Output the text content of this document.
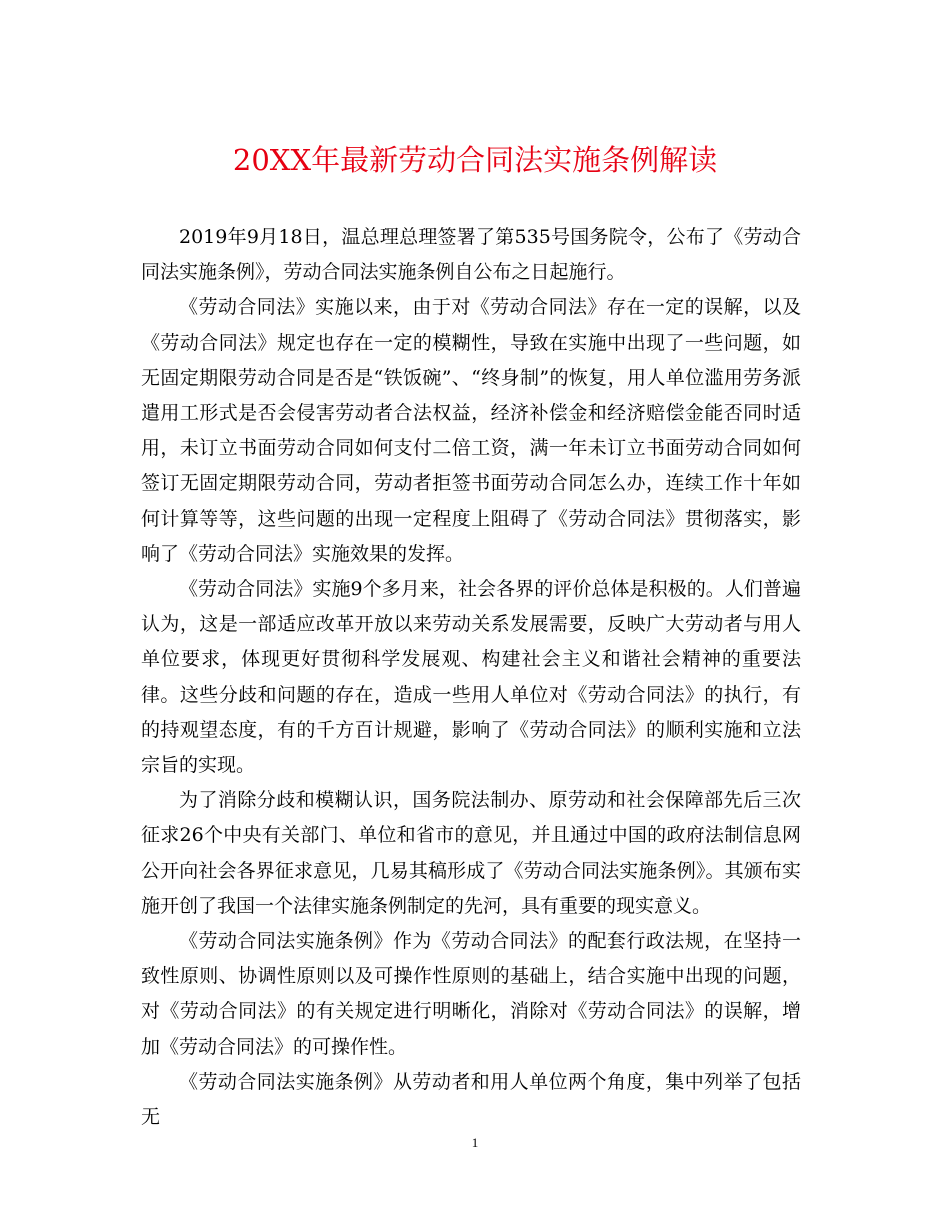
20XX年最新劳动合同法实施条例解读

2019年9月18日，温总理总理签署了第535号国务院令，公布了《劳动合同法实施条例》，劳动合同法实施条例自公布之日起施行。

《劳动合同法》实施以来，由于对《劳动合同法》存在一定的误解，以及《劳动合同法》规定也存在一定的模糊性，导致在实施中出现了一些问题，如无固定期限劳动合同是否是“铁饭碗”、“终身制”的恢复，用人单位滥用劳务派遣用工形式是否会侵害劳动者合法权益，经济补偿金和经济赔偿金能否同时适用，未订立书面劳动合同如何支付二倍工资，满一年未订立书面劳动合同如何签订无固定期限劳动合同，劳动者拒签书面劳动合同怎么办，连续工作十年如何计算等等，这些问题的出现一定程度上阻碍了《劳动合同法》贯彻落实，影响了《劳动合同法》实施效果的发挥。

《劳动合同法》实施9个多月来，社会各界的评价总体是积极的。人们普遍认为，这是一部适应改革开放以来劳动关系发展需要，反映广大劳动者与用人单位要求，体现更好贯彻科学发展观、构建社会主义和谐社会精神的重要法律。这些分歧和问题的存在，造成一些用人单位对《劳动合同法》的执行，有的持观望态度，有的千方百计规避，影响了《劳动合同法》的顺利实施和立法宗旨的实现。

为了消除分歧和模糊认识，国务院法制办、原劳动和社会保障部先后三次征求26个中央有关部门、单位和省市的意见，并且通过中国的政府法制信息网公开向社会各界征求意见，几易其稿形成了《劳动合同法实施条例》。其颁布实施开创了我国一个法律实施条例制定的先河，具有重要的现实意义。

《劳动合同法实施条例》作为《劳动合同法》的配套行政法规，在坚持一致性原则、协调性原则以及可操作性原则的基础上，结合实施中出现的问题，对《劳动合同法》的有关规定进行明晰化，消除对《劳动合同法》的误解，增加《劳动合同法》的可操作性。

《劳动合同法实施条例》从劳动者和用人单位两个角度，集中列举了包括无

1
